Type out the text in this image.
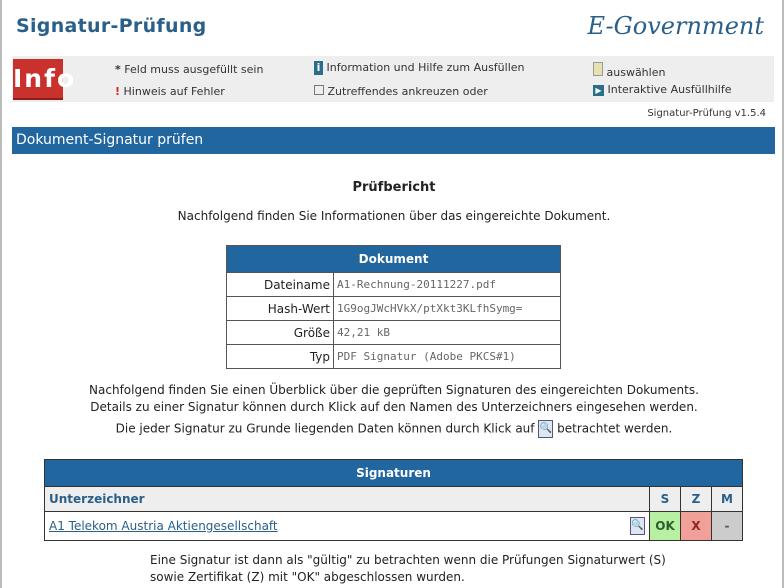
Signatur-Prüfung	E-Government
Info	* Feld muss ausgefüllt sein
! Hinweis auf Fehler
i Information und Hilfe zum Ausfüllen
Zutreffendes ankreuzen oder
auswählen
▶ Interaktive Ausfüllhilfe
Signatur-Prüfung v1.5.4
Dokument-Signatur prüfen
Prüfbericht
Nachfolgend finden Sie Informationen über das eingereichte Dokument.
Dokument	
Dateiname	A1-Rechnung-20111227.pdf
Hash-Wert	1G9ogJWcHVkX/ptXkt3KLfhSymg=
Größe	42,21 kB
Typ	PDF Signatur (Adobe PKCS#1)
Nachfolgend finden Sie einen Überblick über die geprüften Signaturen des eingereichten Dokuments.
Details zu einer Signatur können durch Klick auf den Namen des Unterzeichners eingesehen werden.
Die jeder Signatur zu Grunde liegenden Daten können durch Klick auf 🔍 betrachtet werden.
Signaturen				
Unterzeichner		S	Z	M
A1 Telekom Austria Aktiengesellschaft	🔍	OK	X	-
Eine Signatur ist dann als "gültig" zu betrachten wenn die Prüfungen Signaturwert (S)
sowie Zertifikat (Z) mit "OK" abgeschlossen wurden.
